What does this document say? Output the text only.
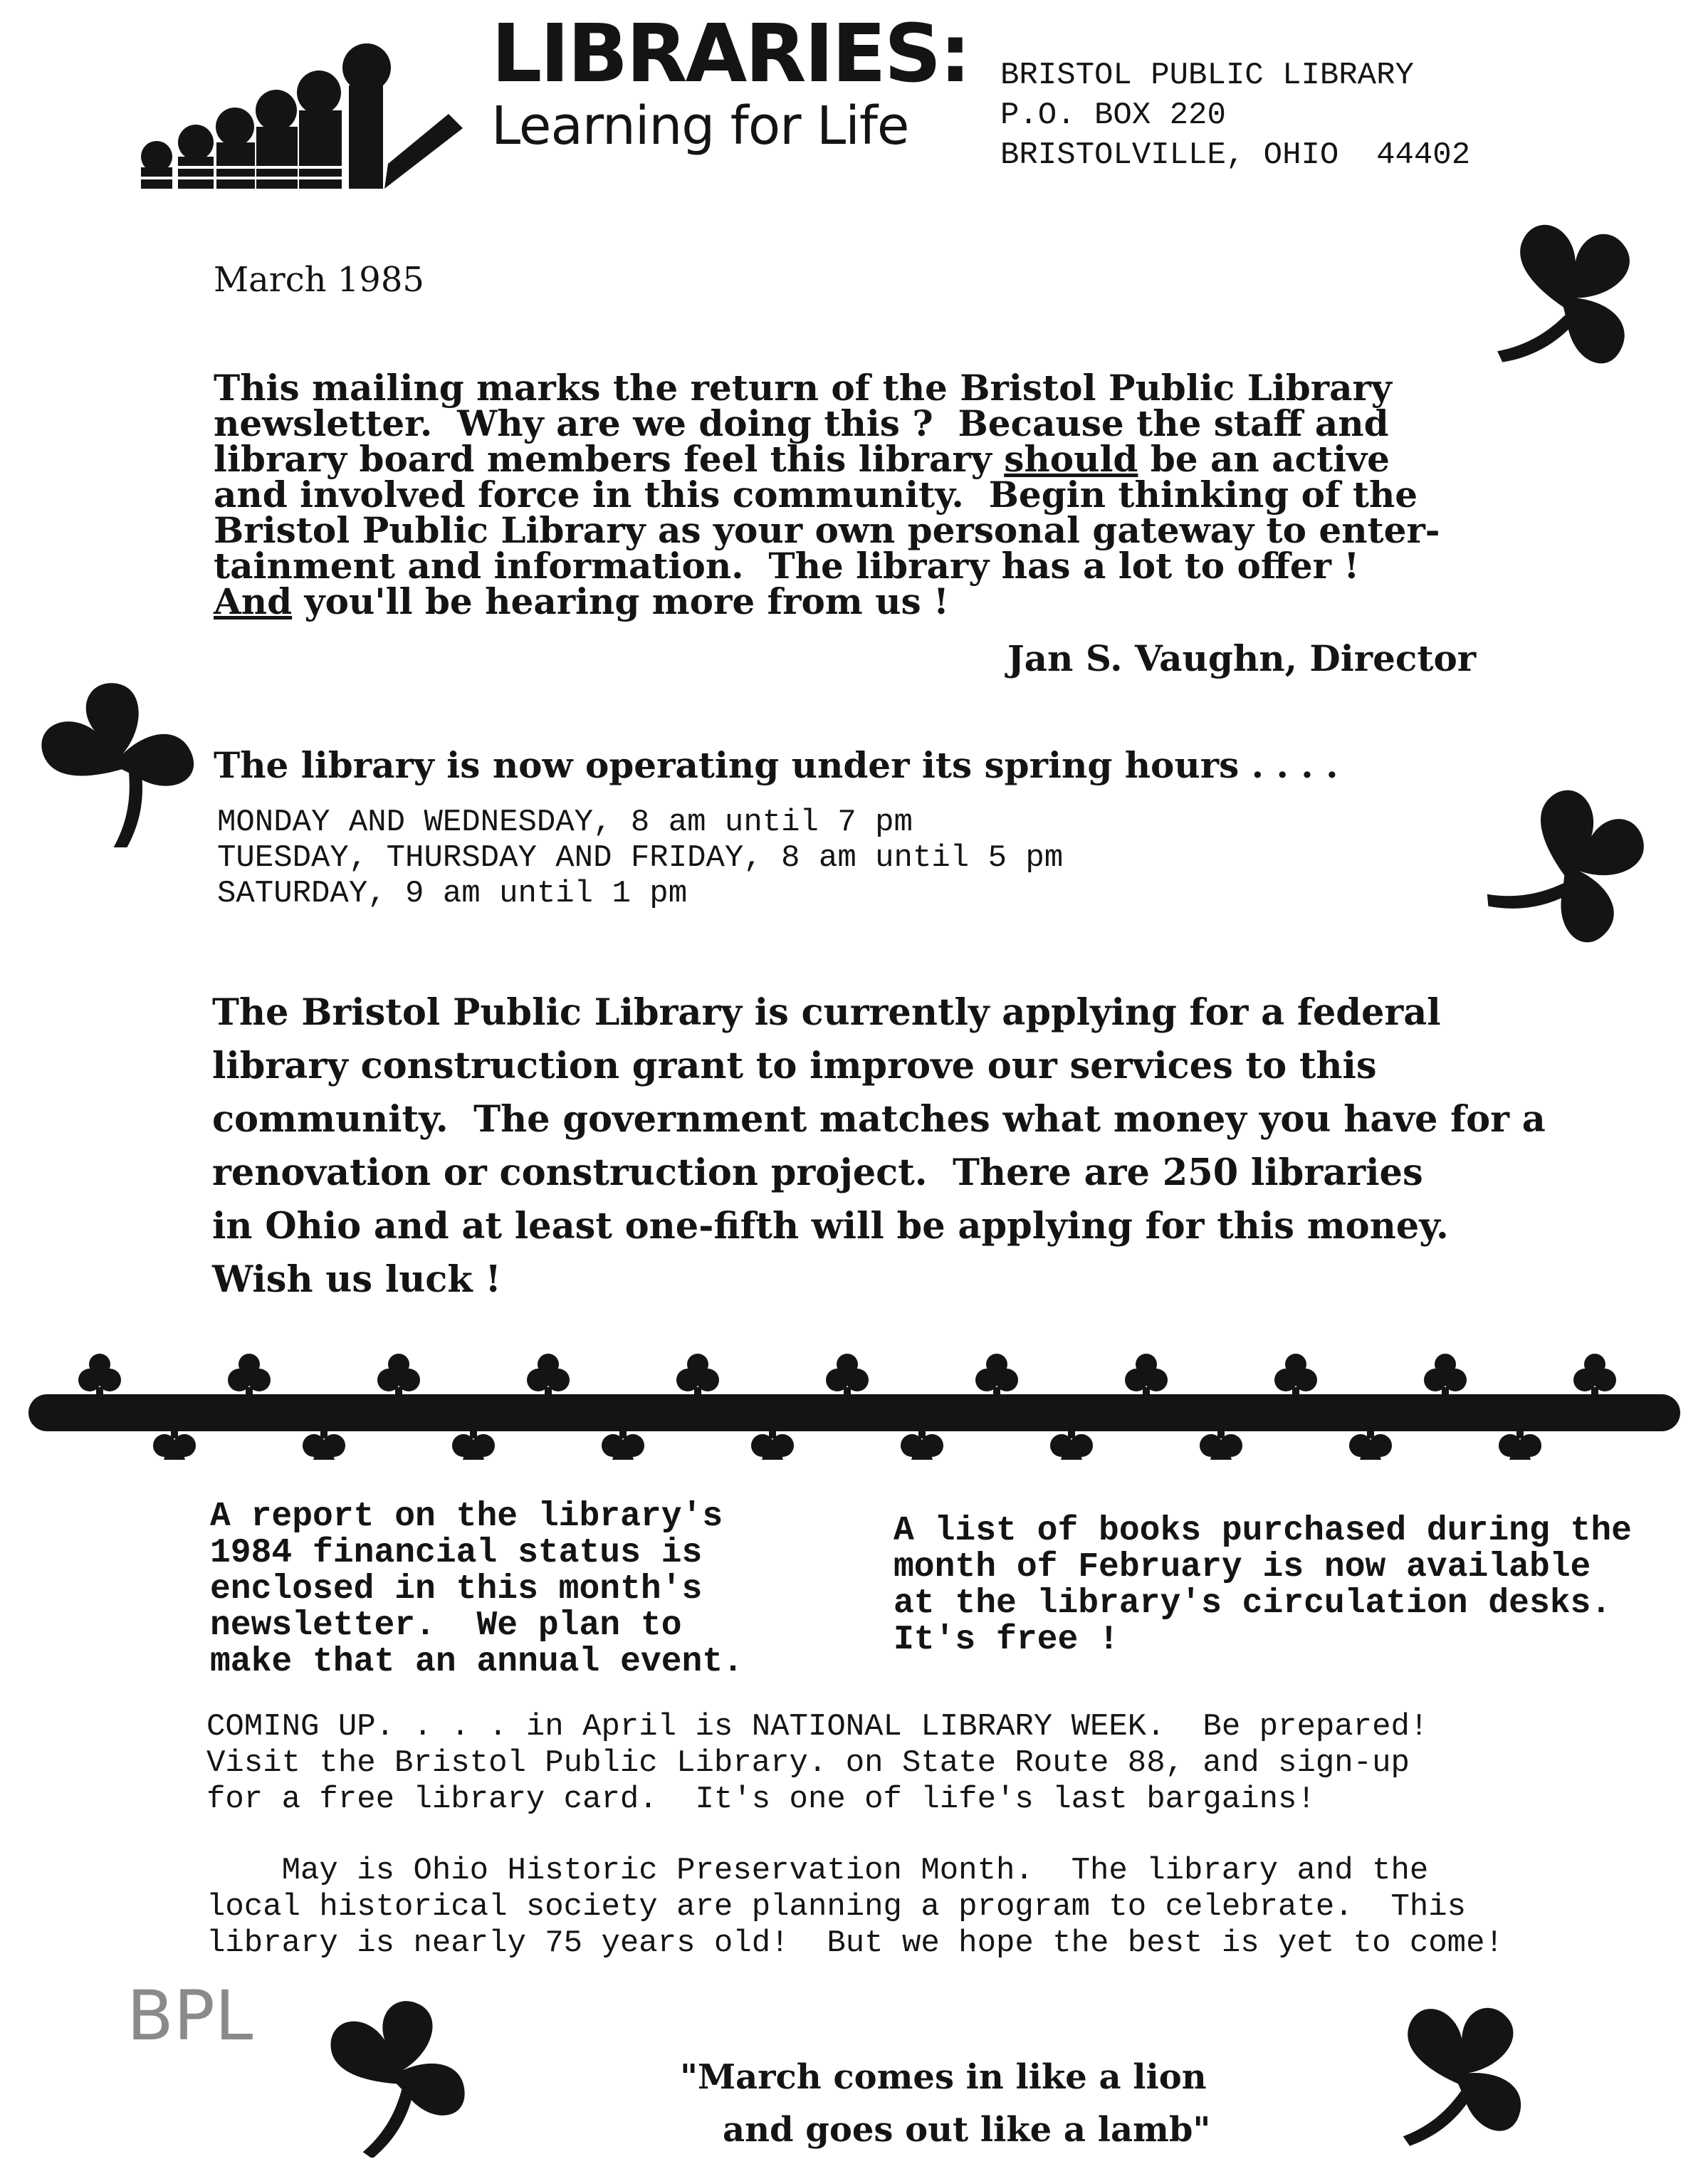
LIBRARIES:
Learning for Life
BRISTOL PUBLIC LIBRARY
P.O. BOX 220
BRISTOLVILLE, OHIO  44402
March 1985
This mailing marks the return of the Bristol Public Library
newsletter.  Why are we doing this ?  Because the staff and
library board members feel this library should be an active
and involved force in this community.  Begin thinking of the
Bristol Public Library as your own personal gateway to enter-
tainment and information.  The library has a lot to offer !
And you'll be hearing more from us !
Jan S. Vaughn, Director
The library is now operating under its spring hours . . . .
MONDAY AND WEDNESDAY, 8 am until 7 pm
TUESDAY, THURSDAY AND FRIDAY, 8 am until 5 pm
SATURDAY, 9 am until 1 pm
The Bristol Public Library is currently applying for a federal
library construction grant to improve our services to this
community.  The government matches what money you have for a
renovation or construction project.  There are 250 libraries
in Ohio and at least one-fifth will be applying for this money.
Wish us luck !
A report on the library's
1984 financial status is
enclosed in this month's
newsletter.  We plan to
make that an annual event.
A list of books purchased during the
month of February is now available
at the library's circulation desks.
It's free !
COMING UP. . . . in April is NATIONAL LIBRARY WEEK.  Be prepared!
Visit the Bristol Public Library. on State Route 88, and sign-up
for a free library card.  It's one of life's last bargains!
May is Ohio Historic Preservation Month.  The library and the
local historical society are planning a program to celebrate.  This
library is nearly 75 years old!  But we hope the best is yet to come!
BPL
"March comes in like a lion
and goes out like a lamb"
